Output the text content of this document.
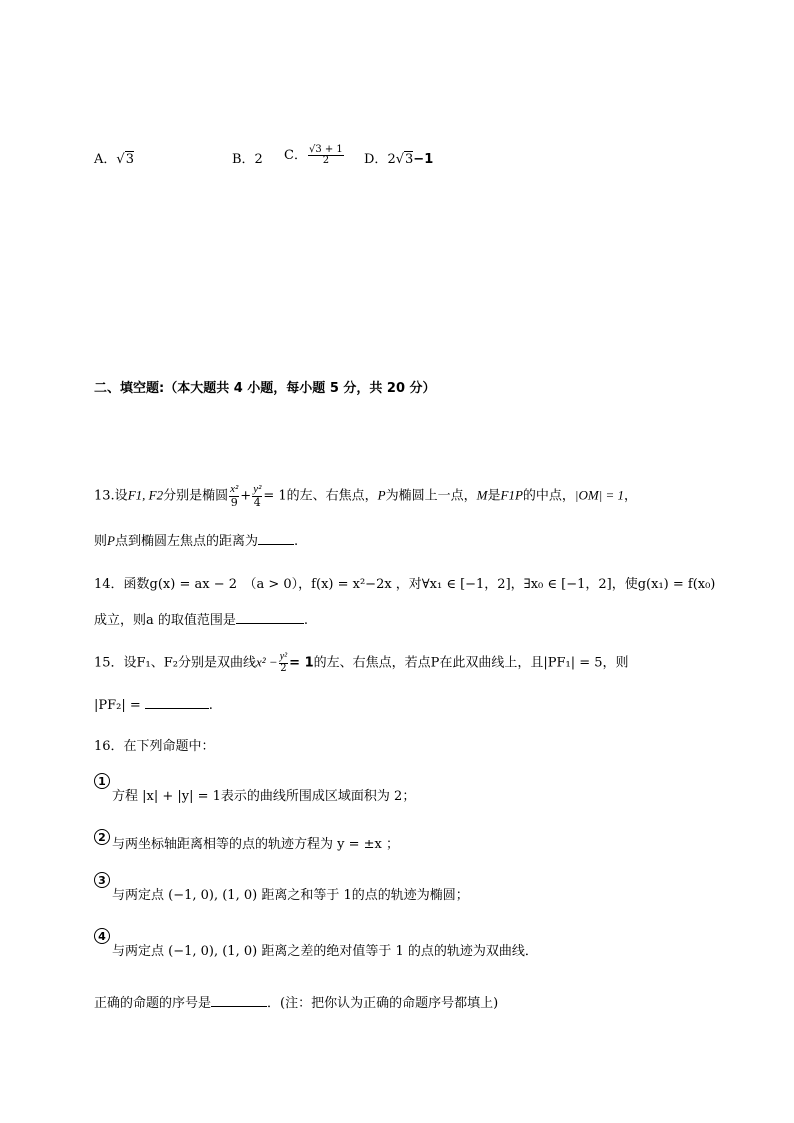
A．√3	B．2 C． $\frac{√3 + 1}{2}$ D．2√3−1
二、填空题:（本大题共 4 小题，每小题 5 分，共 20 分）
13.设F1, F2分别是椭圆 $\frac{\text{x²}}{9} + \frac{\text{y²}}{4} = 1$的左、右焦点，P为椭圆上一点，M是F1P的中点，|OM| = 1，
则P点到椭圆左焦点的距离为	.
14．函数g(x) = ax − 2　（a > 0），f(x) = x²−2x ，对∀x₁ ∈ [−1，2]，∃x₀ ∈ [−1，2]，使g(x₁) = f(x₀)
成立，则a 的取值范围是	.
15．设F₁、F₂分别是双曲线$x^2 - \frac{\text{y²}}{2} = 1$的左、右焦点，若点P在此双曲线上，且|PF₁| = 5，则
|PF₂| =	.
16．在下列命题中：
1
方程 |x| + |y| = 1表示的曲线所围成区域面积为 2；
2 与两坐标轴距离相等的点的轨迹方程为 y = ±x ；
3
与两定点 (−1, 0), (1, 0) 距离之和等于 1的点的轨迹为椭圆；
4
与两定点 (−1, 0), (1, 0) 距离之差的绝对值等于 1 的点的轨迹为双曲线．
正确的命题的序号是	．(注：把你认为正确的命题序号都填上)
